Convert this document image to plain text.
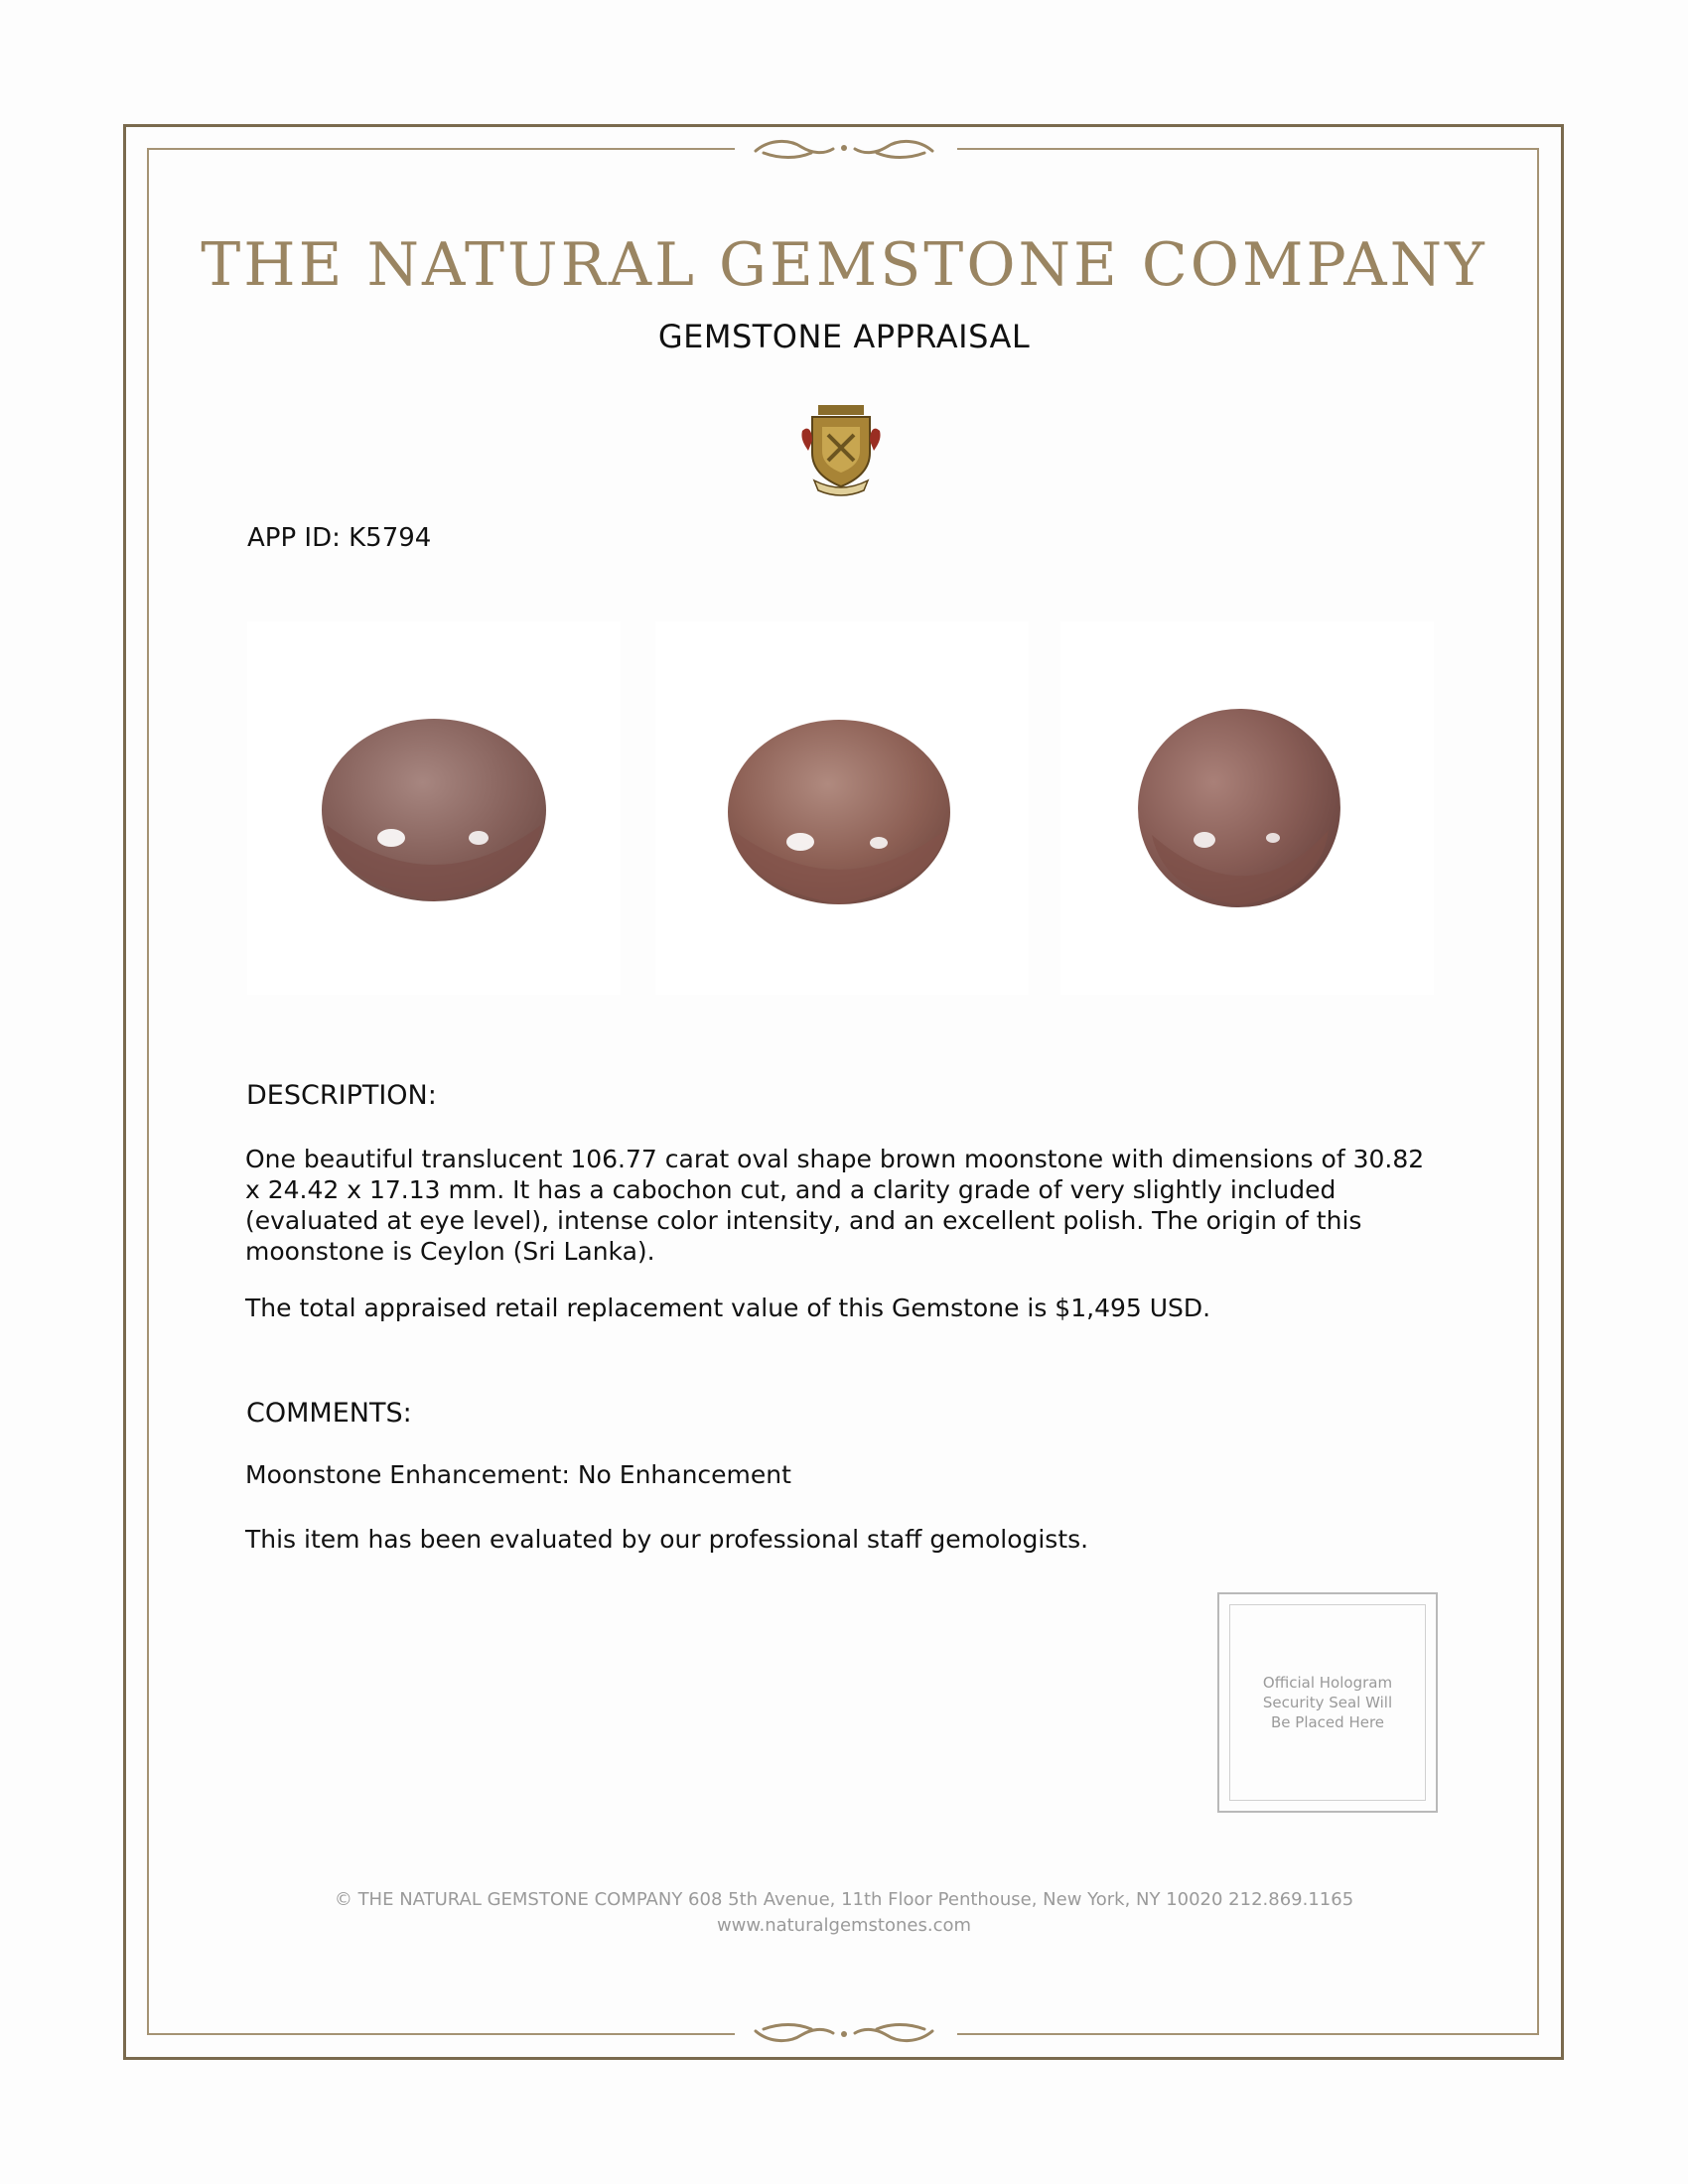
THE NATURAL GEMSTONE COMPANY
GEMSTONE APPRAISAL
APP ID: K5794
DESCRIPTION:
One beautiful translucent 106.77 carat oval shape brown moonstone with dimensions of 30.82 x 24.42 x 17.13 mm. It has a cabochon cut, and a clarity grade of very slightly included (evaluated at eye level), intense color intensity, and an excellent polish. The origin of this moonstone is Ceylon (Sri Lanka).
The total appraised retail replacement value of this Gemstone is $1,495 USD.
COMMENTS:
Moonstone Enhancement: No Enhancement
This item has been evaluated by our professional staff gemologists.
Official Hologram Security Seal Will Be Placed Here
© THE NATURAL GEMSTONE COMPANY 608 5th Avenue, 11th Floor Penthouse, New York, NY 10020 212.869.1165
www.naturalgemstones.com
